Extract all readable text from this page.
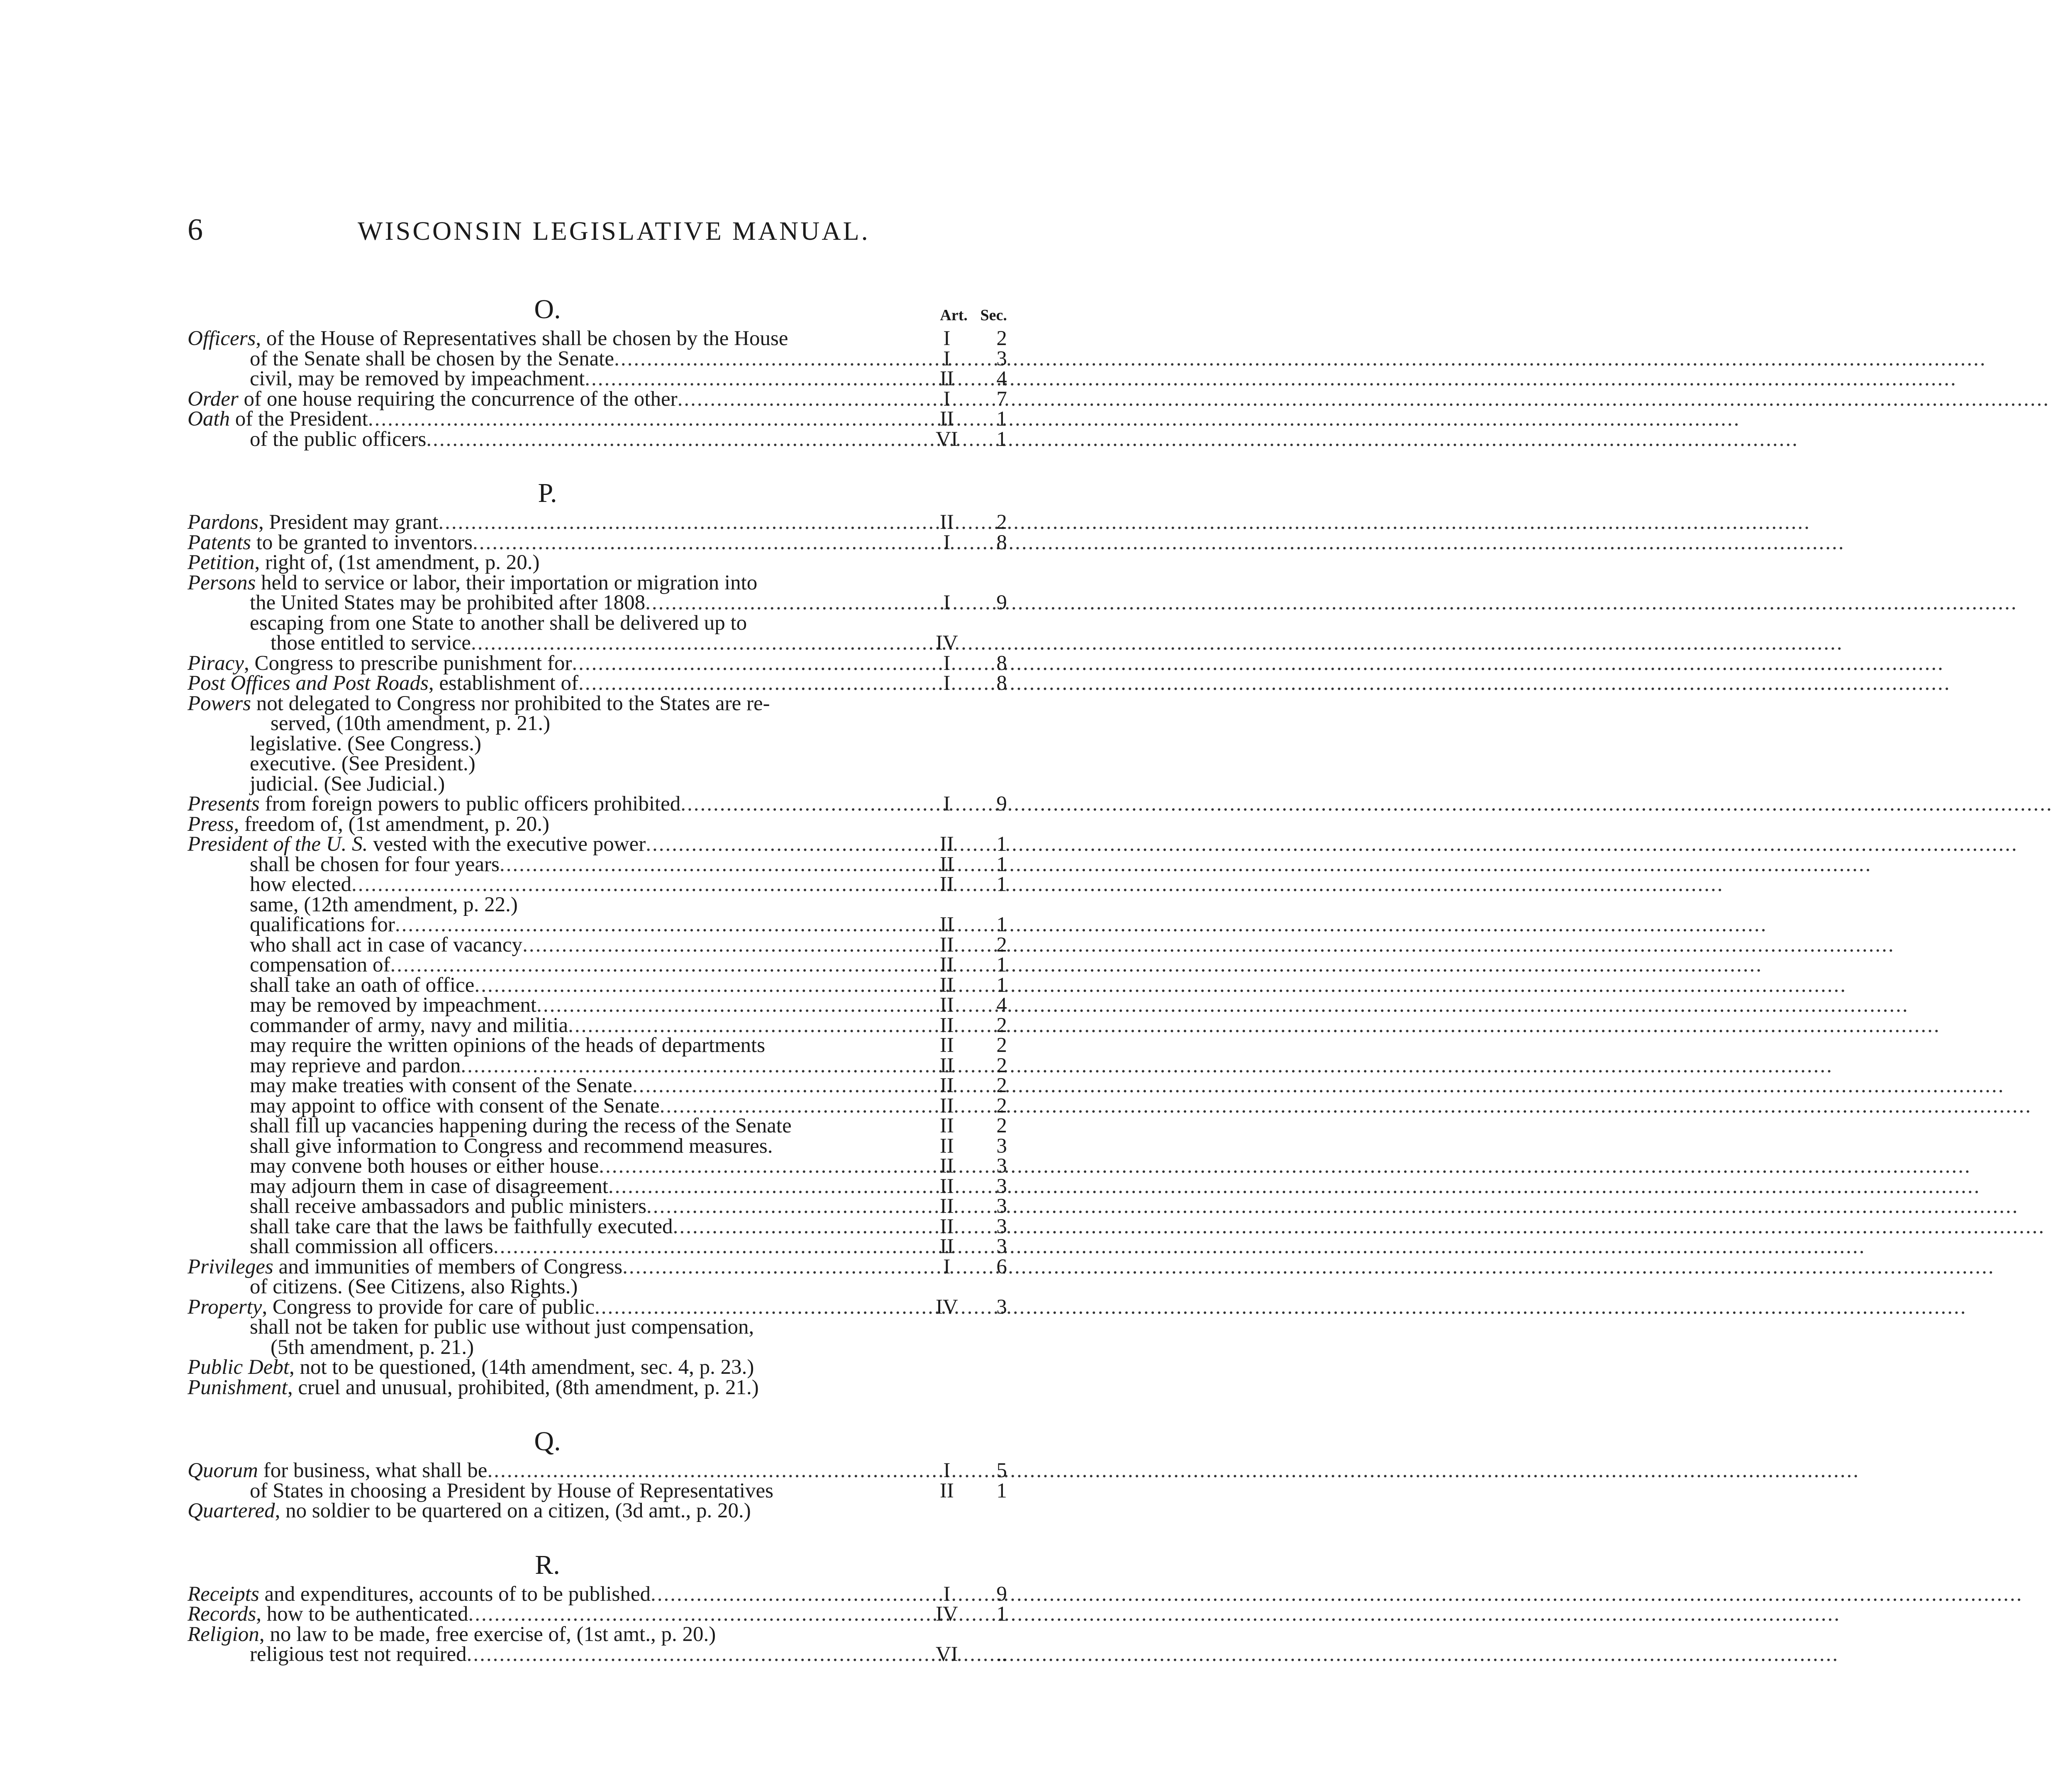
6	WISCONSIN LEGISLATIVE MANUAL.
O.	Art. Sec.
Officers, of the House of Representatives shall be chosen by the House	I	2
of the Senate shall be chosen by the Senate .....	I	3
civil, may be removed by impeachment .....	II	4
Order of one house requiring the concurrence of the other .....	I	7
Oath of the President .....	II	1
of the public officers .....	VI	1
P.
Pardons, President may grant .....	II	2
Patents to be granted to inventors .....	I	8
Petition, right of, (1st amendment, p. 20.)
Persons held to service or labor, their importation or migration into
the United States may be prohibited after 1808 .....	I	9
escaping from one State to another shall be delivered up to
those entitled to service .....	IV
Piracy, Congress to prescribe punishment for .....	I	8
Post Offices and Post Roads, establishment of .....	I	8
Powers not delegated to Congress nor prohibited to the States are re-
served, (10th amendment, p. 21.)
legislative. (See Congress.)
executive. (See President.)
judicial. (See Judicial.)
Presents from foreign powers to public officers prohibited .....	I	9
Press, freedom of, (1st amendment, p. 20.)
President of the U. S. vested with the executive power .....	II	1
shall be chosen for four years .....	II	1
how elected .....	II	1
same, (12th amendment, p. 22.)
qualifications for .....	II	1
who shall act in case of vacancy .....	II	2
compensation of .....	II	1
shall take an oath of office .....	II	1
may be removed by impeachment .....	II	4
commander of army, navy and militia .....	II	2
may require the written opinions of the heads of departments	II	2
may reprieve and pardon .....	II	2
may make treaties with consent of the Senate .....	II	2
may appoint to office with consent of the Senate .....	II	2
shall fill up vacancies happening during the recess of the Senate	II	2
shall give information to Congress and recommend measures.	II	3
may convene both houses or either house .....	II	3
may adjourn them in case of disagreement .....	II	3
shall receive ambassadors and public ministers .....	II	3
shall take care that the laws be faithfully executed .....	II	3
shall commission all officers .....	II	3
Privileges and immunities of members of Congress .....	I	6
of citizens. (See Citizens, also Rights.)
Property, Congress to provide for care of public .....	IV	3
shall not be taken for public use without just compensation,
(5th amendment, p. 21.)
Public Debt, not to be questioned, (14th amendment, sec. 4, p. 23.)
Punishment, cruel and unusual, prohibited, (8th amendment, p. 21.)
Q.
Quorum for business, what shall be .....	I	5
of States in choosing a President by House of Representatives	II	1
Quartered, no soldier to be quartered on a citizen, (3d amt., p. 20.)
R.
Receipts and expenditures, accounts of to be published .....	I	9
Records, how to be authenticated .....	IV	1
Religion, no law to be made, free exercise of, (1st amt., p. 20.)
religious test not required .....	VI	..
